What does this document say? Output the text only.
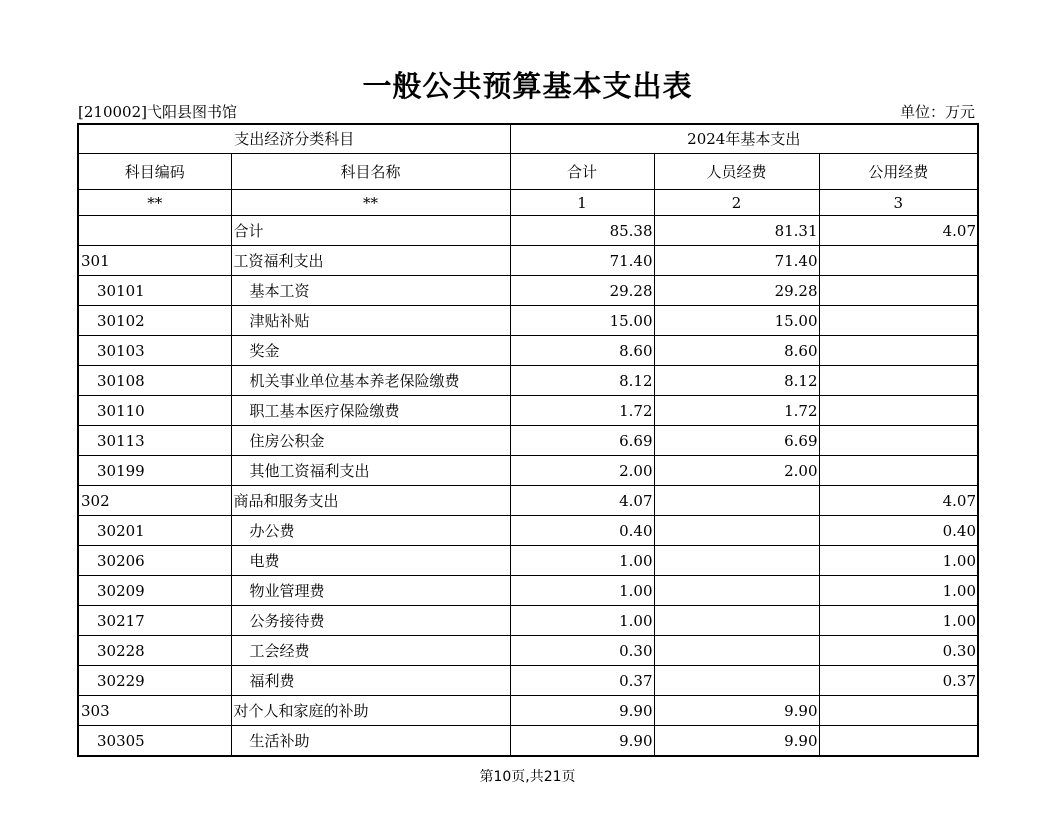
一般公共预算基本支出表
[210002]弋阳县图书馆	单位：万元
支出经济分类科目		2024年基本支出		
科目编码	科目名称	合计	人员经费	公用经费
**	**	1	2	3
	合计	85.38	81.31	4.07
301	工资福利支出	71.40	71.40	
30101	基本工资	29.28	29.28	
30102	津贴补贴	15.00	15.00	
30103	奖金	8.60	8.60	
30108	机关事业单位基本养老保险缴费	8.12	8.12	
30110	职工基本医疗保险缴费	1.72	1.72	
30113	住房公积金	6.69	6.69	
30199	其他工资福利支出	2.00	2.00	
302	商品和服务支出	4.07		4.07
30201	办公费	0.40		0.40
30206	电费	1.00		1.00
30209	物业管理费	1.00		1.00
30217	公务接待费	1.00		1.00
30228	工会经费	0.30		0.30
30229	福利费	0.37		0.37
303	对个人和家庭的补助	9.90	9.90	
30305	生活补助	9.90	9.90	
第10页,共21页
